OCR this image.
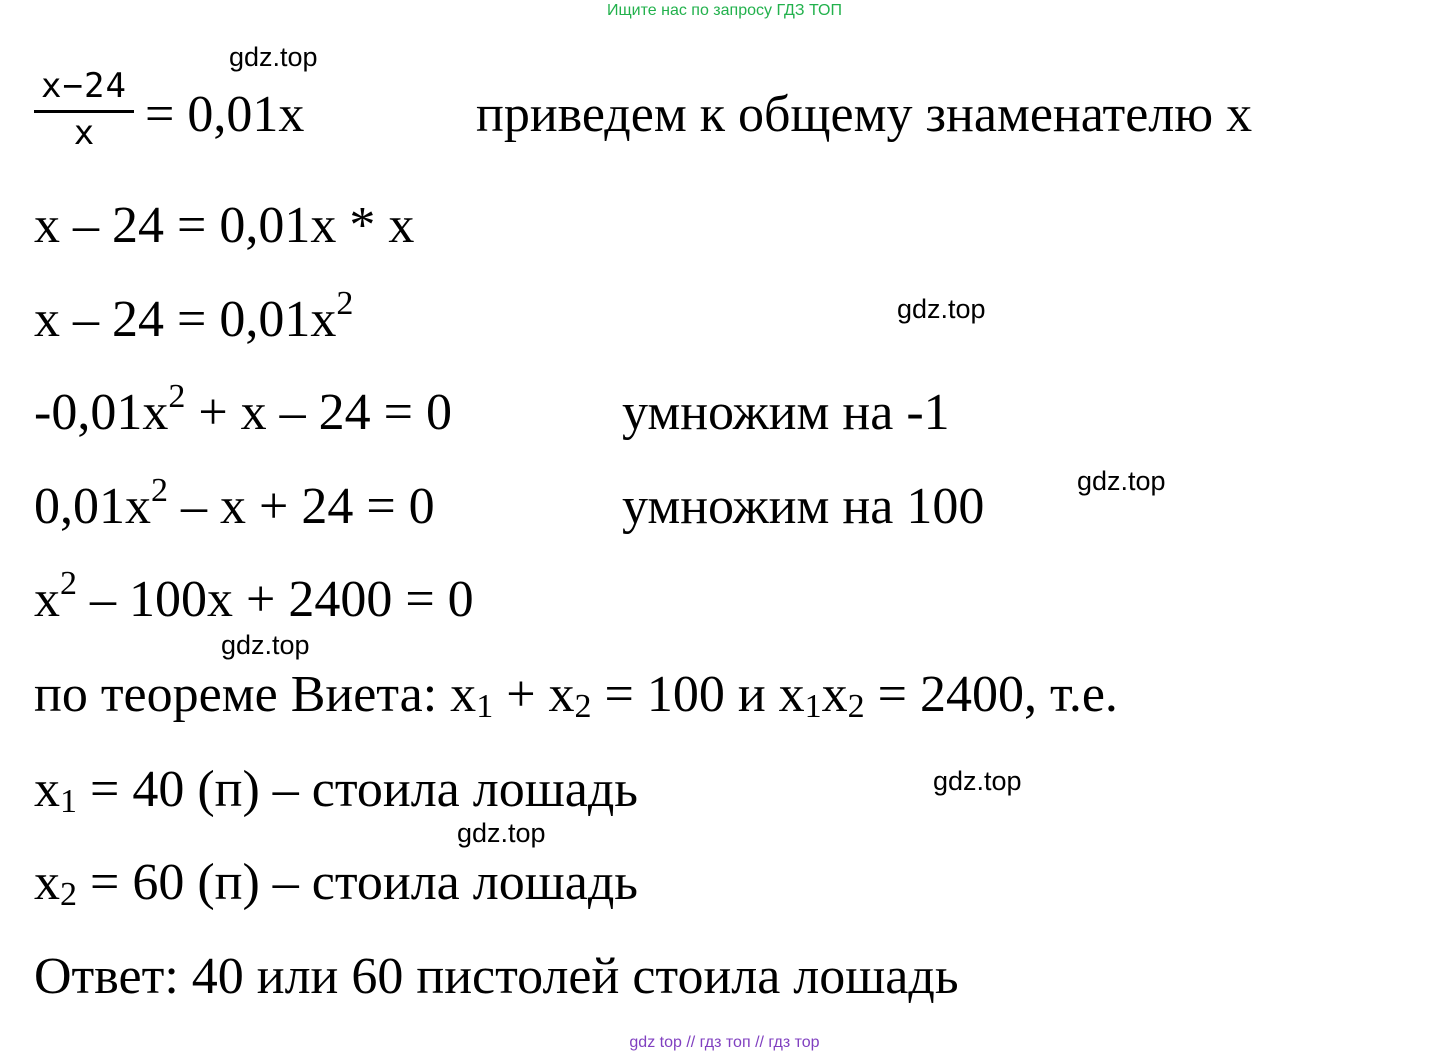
Ищите нас по запросу ГДЗ ТОП
gdz.top
gdz.top
gdz.top
gdz.top
gdz.top
gdz.top
x−24
x = 0,01x	приведем к общему знаменателю x
x – 24 = 0,01x * x
$x - 24 = 0,01x^2$
$-0,01x^2 + x - 24 = 0$	умножим на -1
$0,01x^2 - x + 24 = 0$	умножим на 100
$x^2 - 100x + 2400 = 0$
по теореме Виета: $x_1 + x_2 = 100$ и $x_1x_2 = 2400$, т.е.
$x_1 = 40$ (п) – стоила лошадь
$x_2 = 60$ (п) – стоила лошадь
Ответ: 40 или 60 пистолей стоила лошадь
gdz top // гдз топ // гдз тор
